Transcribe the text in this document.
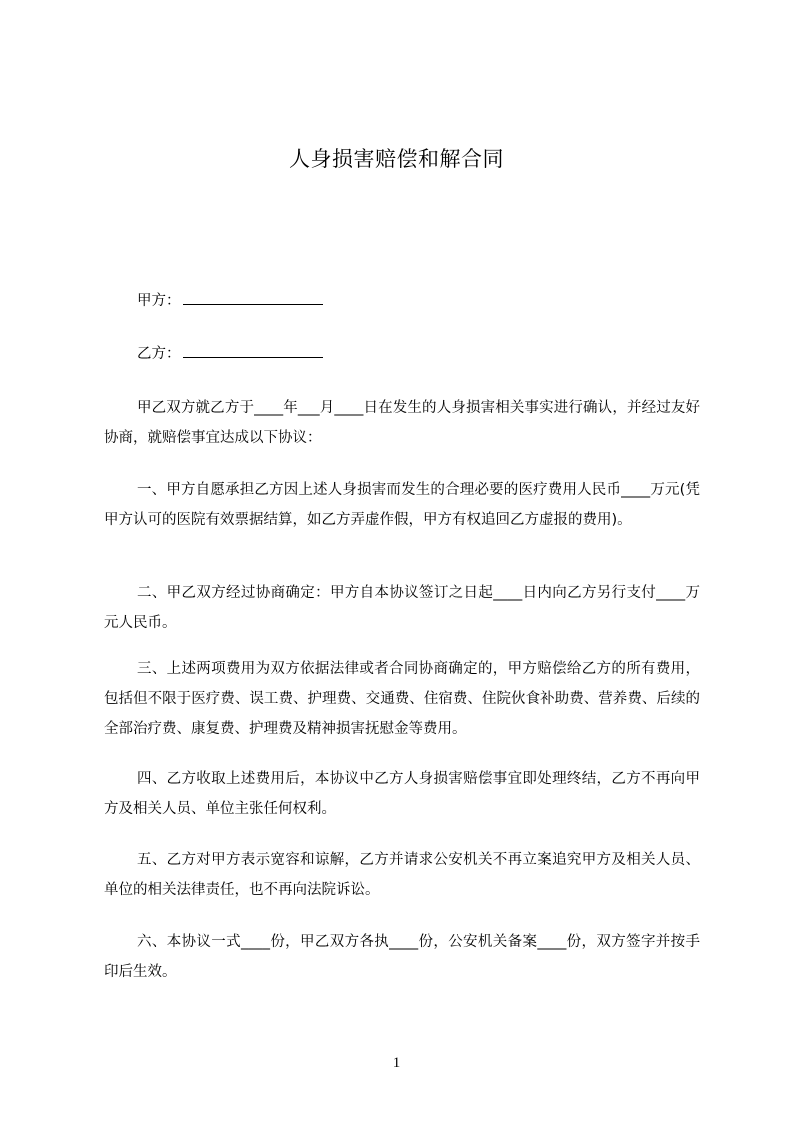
人身损害赔偿和解合同
甲方：
乙方：
甲乙双方就乙方于____年___月____日在发生的人身损害相关事实进行确认，并经过友好协商，就赔偿事宜达成以下协议：
一、甲方自愿承担乙方因上述人身损害而发生的合理必要的医疗费用人民币____万元(凭甲方认可的医院有效票据结算，如乙方弄虚作假，甲方有权追回乙方虚报的费用)。
二、甲乙双方经过协商确定：甲方自本协议签订之日起____日内向乙方另行支付____万元人民币。
三、上述两项费用为双方依据法律或者合同协商确定的，甲方赔偿给乙方的所有费用，包括但不限于医疗费、误工费、护理费、交通费、住宿费、住院伙食补助费、营养费、后续的全部治疗费、康复费、护理费及精神损害抚慰金等费用。
四、乙方收取上述费用后，本协议中乙方人身损害赔偿事宜即处理终结，乙方不再向甲方及相关人员、单位主张任何权利。
五、乙方对甲方表示宽容和谅解，乙方并请求公安机关不再立案追究甲方及相关人员、单位的相关法律责任，也不再向法院诉讼。
六、本协议一式____份，甲乙双方各执____份，公安机关备案____份，双方签字并按手印后生效。
1
